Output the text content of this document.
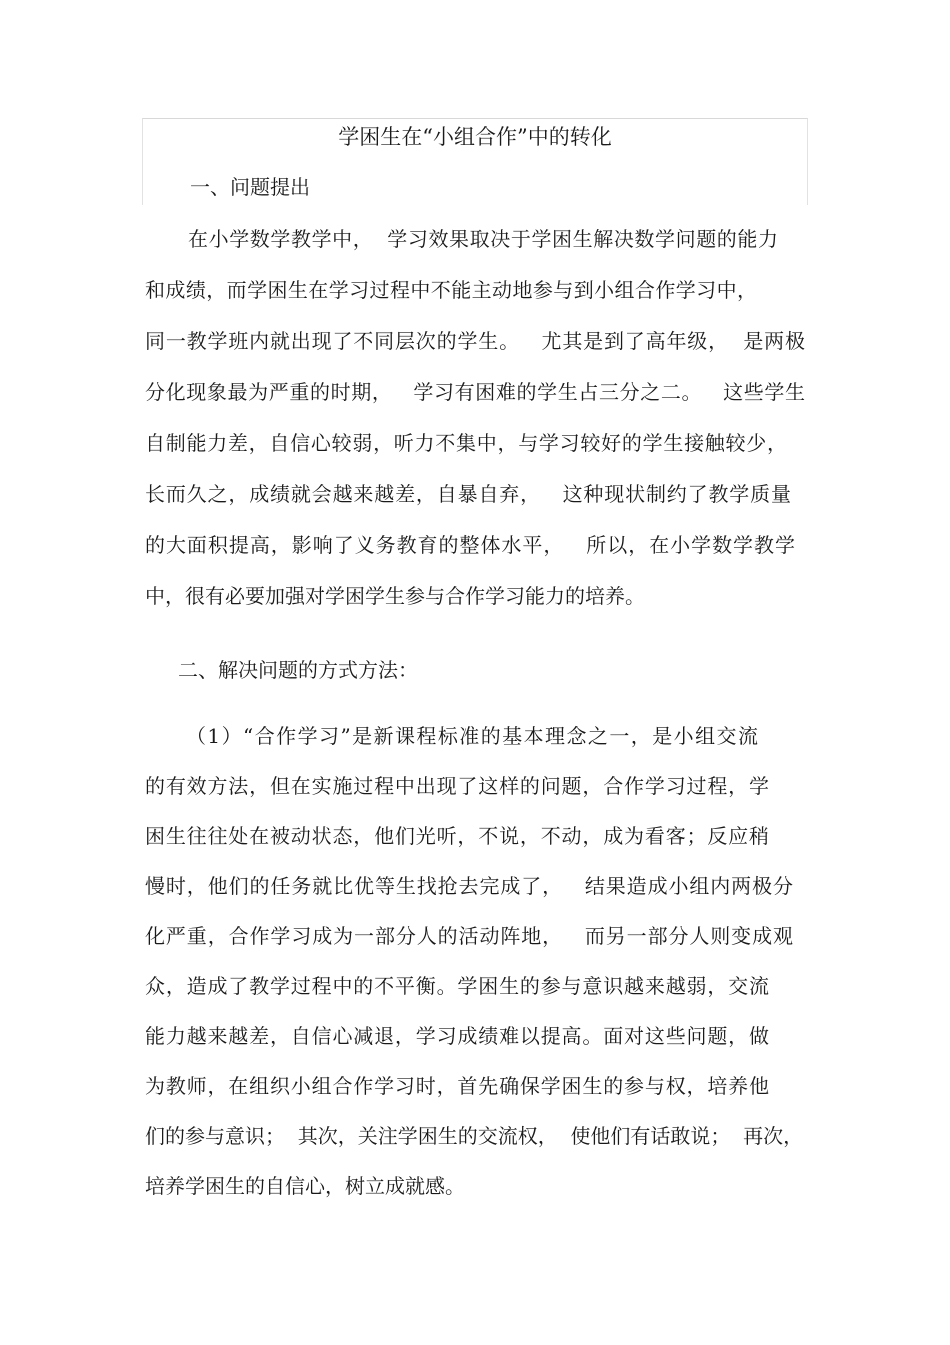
学困生在“小组合作”中的转化
一、问题提出
在小学数学教学中，  学习效果取决于学困生解决数学问题的能力
和成绩，而学困生在学习过程中不能主动地参与到小组合作学习中，
同一教学班内就出现了不同层次的学生。   尤其是到了高年级，  是两极
分化现象最为严重的时期，   学习有困难的学生占三分之二。   这些学生
自制能力差，自信心较弱，听力不集中，与学习较好的学生接触较少，
长而久之，成绩就会越来越差，自暴自弃，   这种现状制约了教学质量
的大面积提高，影响了义务教育的整体水平，   所以，在小学数学教学
中，很有必要加强对学困学生参与合作学习能力的培养。
二、解决问题的方式方法：
（1）“合作学习”是新课程标准的基本理念之一，是小组交流
的有效方法，但在实施过程中出现了这样的问题，合作学习过程，学
困生往往处在被动状态，他们光听，不说，不动，成为看客；反应稍
慢时，他们的任务就比优等生找抢去完成了，   结果造成小组内两极分
化严重，合作学习成为一部分人的活动阵地，   而另一部分人则变成观
众，造成了教学过程中的不平衡。学困生的参与意识越来越弱，交流
能力越来越差，自信心减退，学习成绩难以提高。面对这些问题，做
为教师，在组织小组合作学习时，首先确保学困生的参与权，培养他
们的参与意识；  其次，关注学困生的交流权，  使他们有话敢说；  再次，
培养学困生的自信心，树立成就感。
